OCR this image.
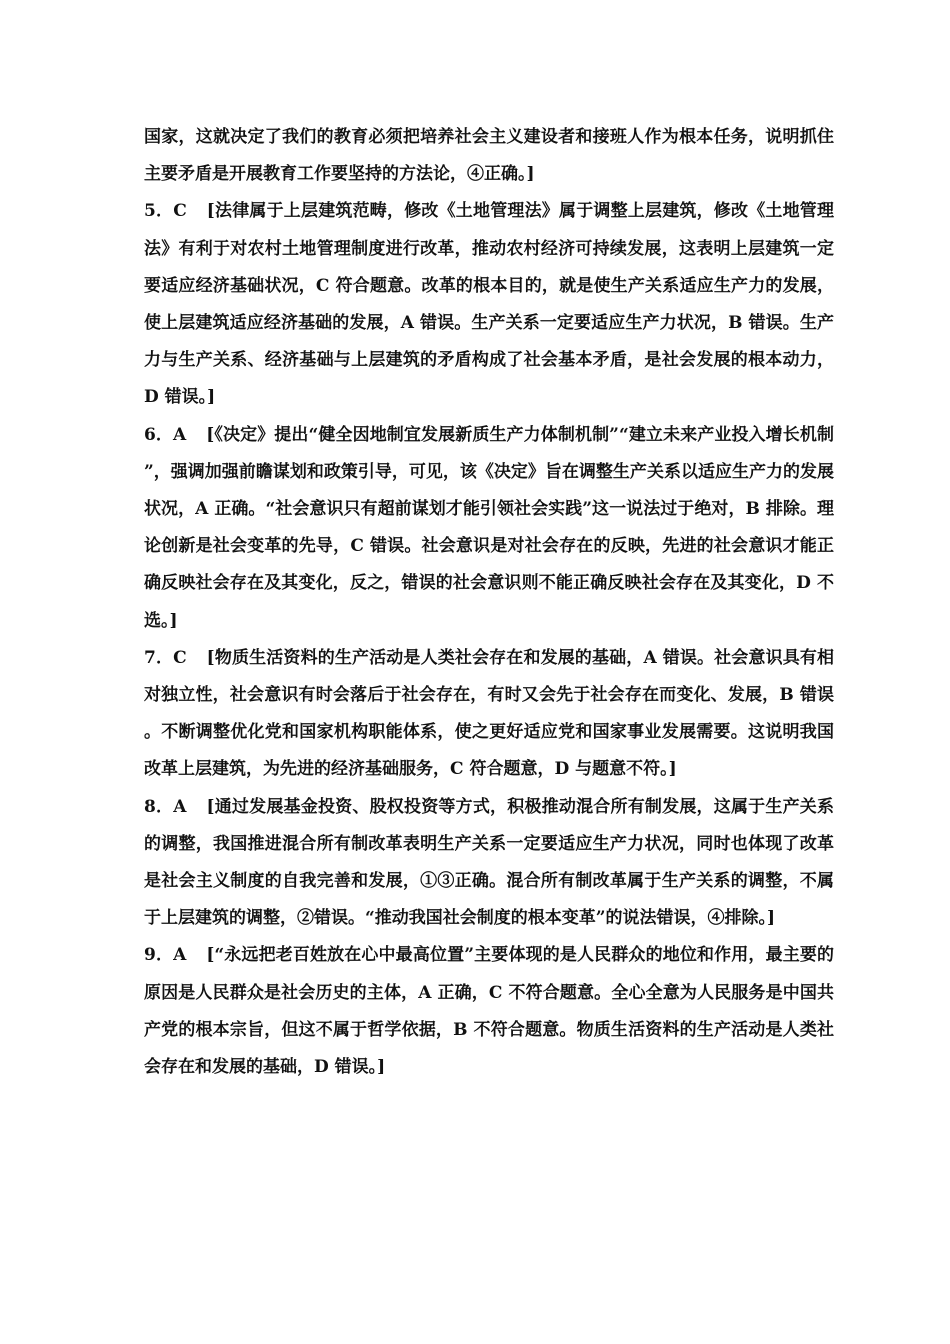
国家，这就决定了我们的教育必须把培养社会主义建设者和接班人作为根本任务，说明抓住主要矛盾是开展教育工作要坚持的方法论，④正确。]

5．C [法律属于上层建筑范畴，修改《土地管理法》属于调整上层建筑，修改《土地管理法》有利于对农村土地管理制度进行改革，推动农村经济可持续发展，这表明上层建筑一定要适应经济基础状况，C 符合题意。改革的根本目的，就是使生产关系适应生产力的发展，使上层建筑适应经济基础的发展，A 错误。生产关系一定要适应生产力状况，B 错误。生产力与生产关系、经济基础与上层建筑的矛盾构成了社会基本矛盾，是社会发展的根本动力，D 错误。]

6．A [《决定》提出“健全因地制宜发展新质生产力体制机制”“建立未来产业投入增长机制”，强调加强前瞻谋划和政策引导，可见，该《决定》旨在调整生产关系以适应生产力的发展状况，A 正确。“社会意识只有超前谋划才能引领社会实践”这一说法过于绝对，B 排除。理论创新是社会变革的先导，C 错误。社会意识是对社会存在的反映，先进的社会意识才能正确反映社会存在及其变化，反之，错误的社会意识则不能正确反映社会存在及其变化，D 不选。]

7．C [物质生活资料的生产活动是人类社会存在和发展的基础，A 错误。社会意识具有相对独立性，社会意识有时会落后于社会存在，有时又会先于社会存在而变化、发展，B 错误。不断调整优化党和国家机构职能体系，使之更好适应党和国家事业发展需要。这说明我国改革上层建筑，为先进的经济基础服务，C 符合题意，D 与题意不符。]

8．A [通过发展基金投资、股权投资等方式，积极推动混合所有制发展，这属于生产关系的调整，我国推进混合所有制改革表明生产关系一定要适应生产力状况，同时也体现了改革是社会主义制度的自我完善和发展，①③正确。混合所有制改革属于生产关系的调整，不属于上层建筑的调整，②错误。“推动我国社会制度的根本变革”的说法错误，④排除。]

9．A [“永远把老百姓放在心中最高位置”主要体现的是人民群众的地位和作用，最主要的原因是人民群众是社会历史的主体，A 正确，C 不符合题意。全心全意为人民服务是中国共产党的根本宗旨，但这不属于哲学依据，B 不符合题意。物质生活资料的生产活动是人类社会存在和发展的基础，D 错误。]
